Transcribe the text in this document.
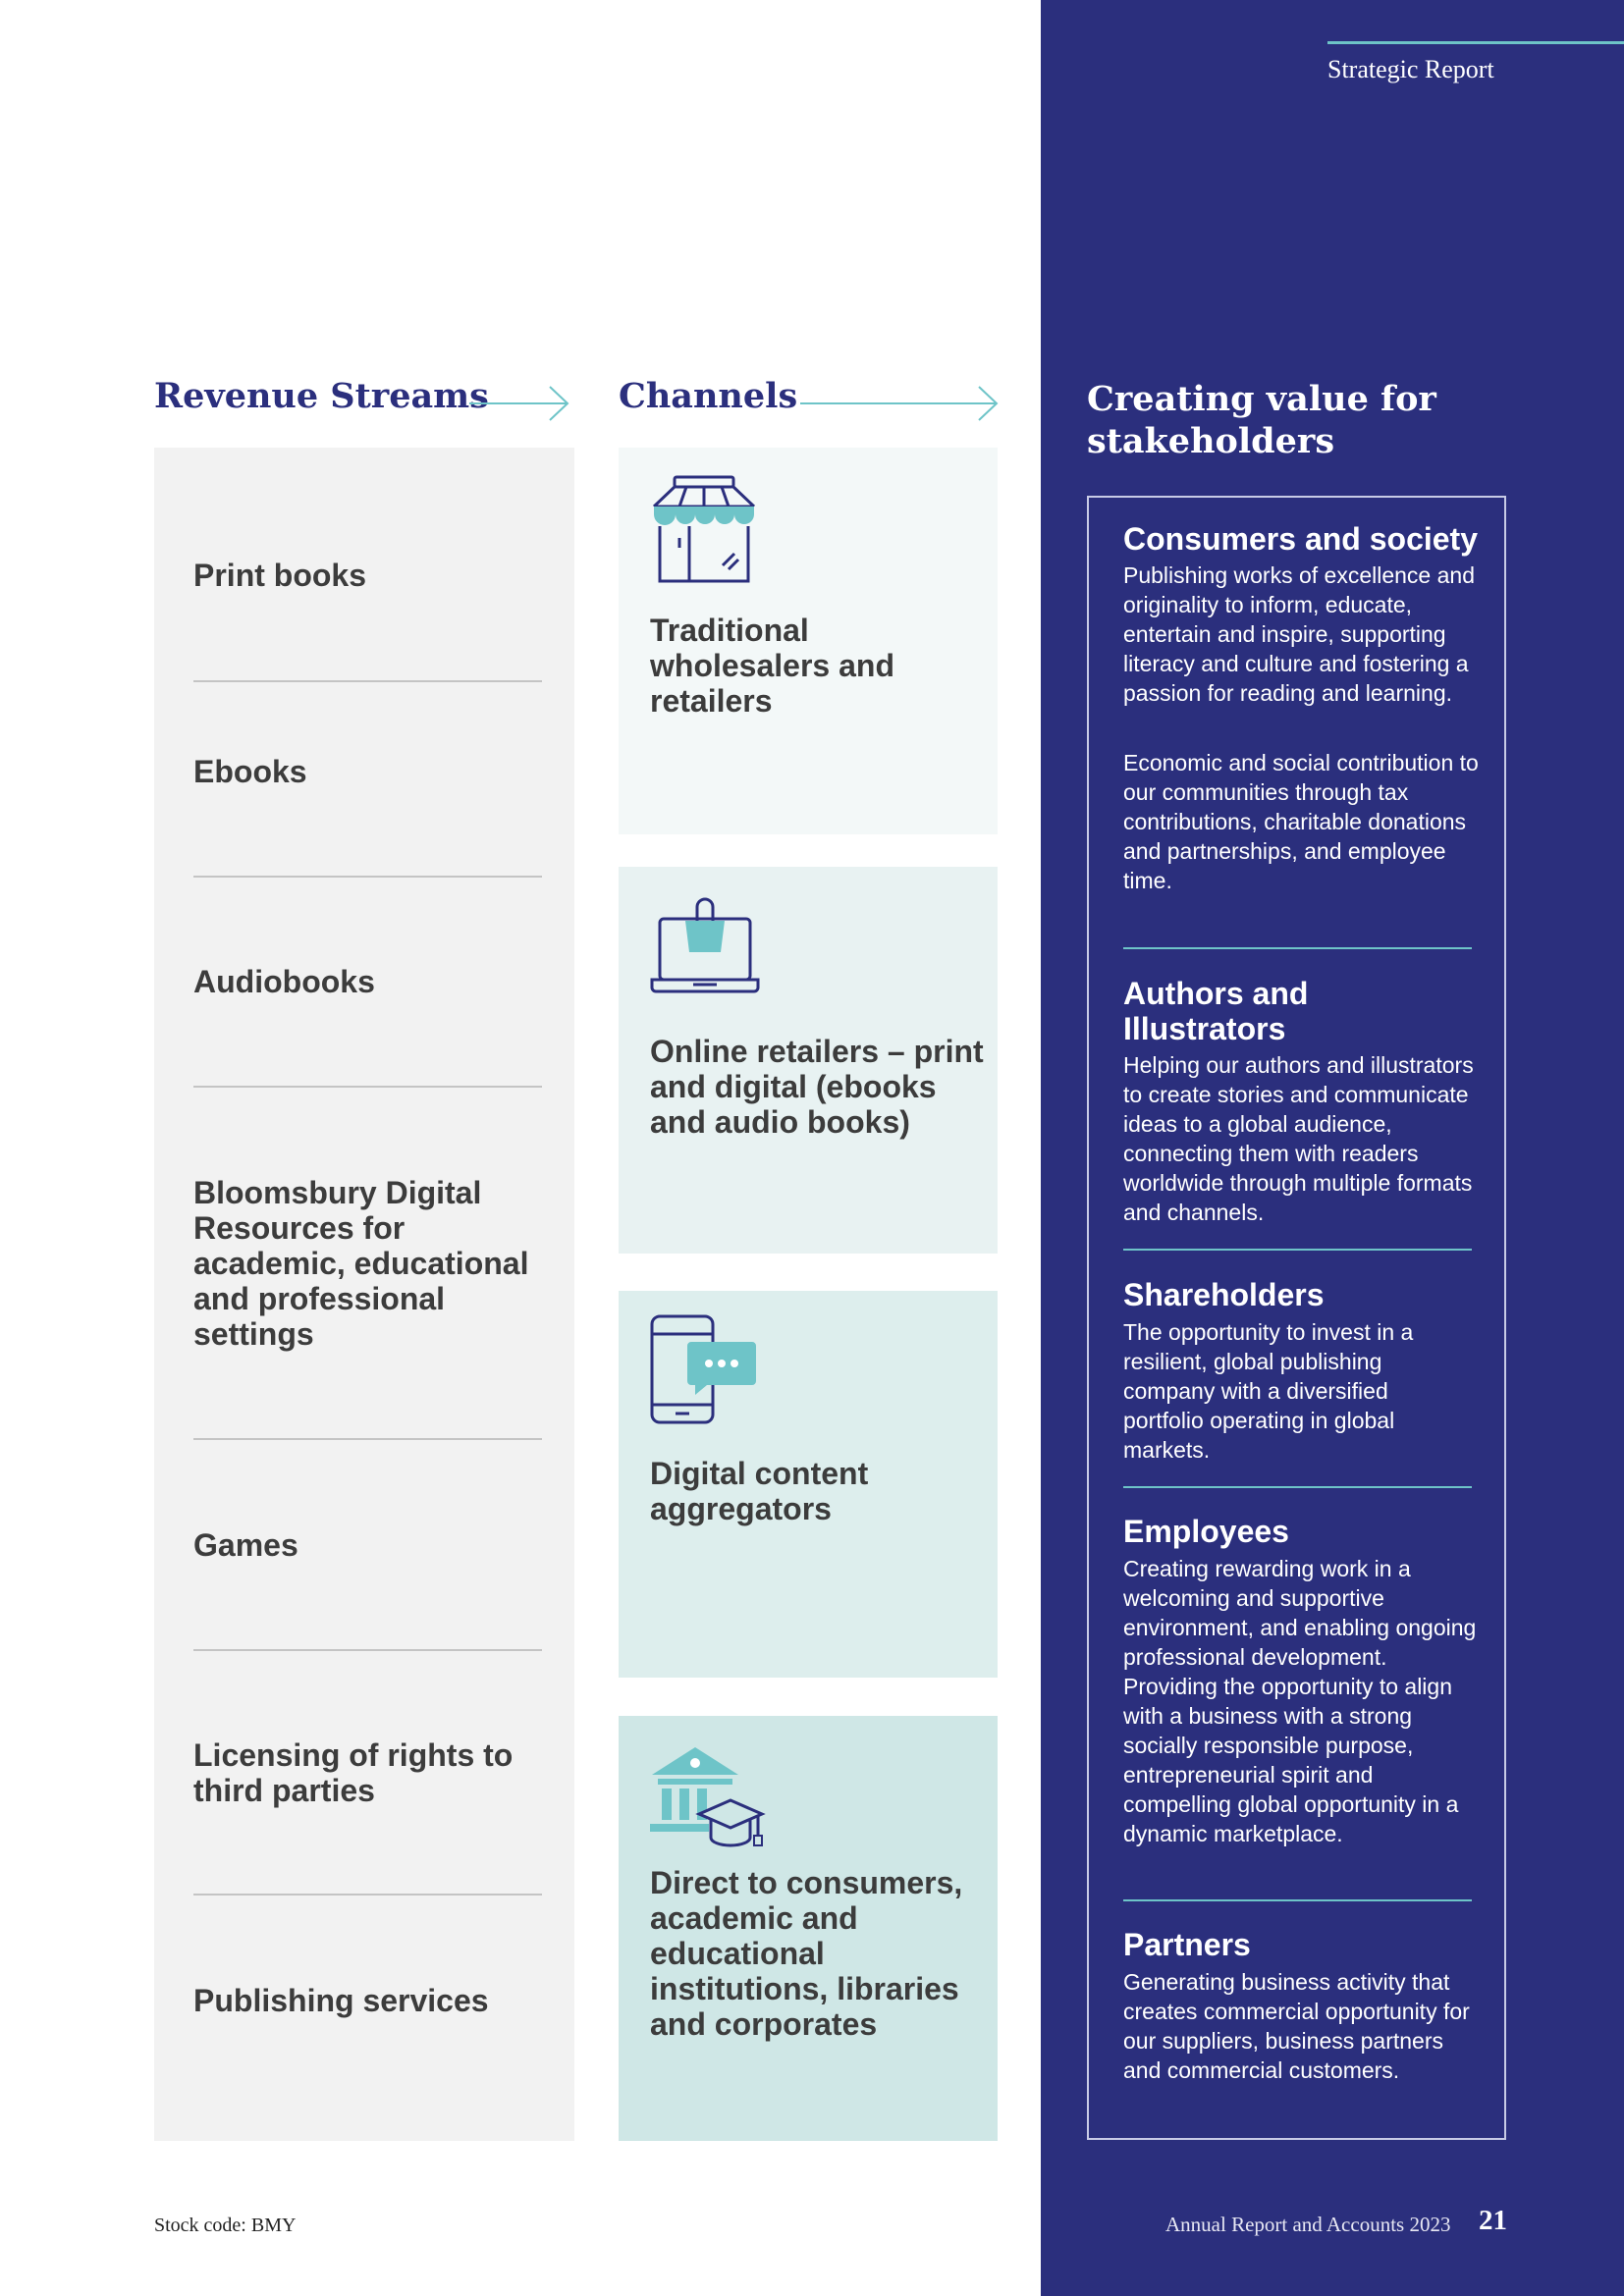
Strategic Report
Revenue Streams	Channels	Creating value for stakeholders
Print books
Ebooks
Audiobooks
Bloomsbury Digital Resources for academic, educational and professional settings
Games
Licensing of rights to third parties
Publishing services
Traditional wholesalers and retailers
Online retailers – print and digital (ebooks and audio books)
Digital content aggregators
Direct to consumers, academic and educational institutions, libraries and corporates
Consumers and society
Publishing works of excellence and originality to inform, educate, entertain and inspire, supporting literacy and culture and fostering a passion for reading and learning.
Economic and social contribution to our communities through tax contributions, charitable donations and partnerships, and employee time.
Authors and Illustrators
Helping our authors and illustrators to create stories and communicate ideas to a global audience, connecting them with readers worldwide through multiple formats and channels.
Shareholders
The opportunity to invest in a resilient, global publishing company with a diversified portfolio operating in global markets.
Employees
Creating rewarding work in a welcoming and supportive environment, and enabling ongoing professional development. Providing the opportunity to align with a business with a strong socially responsible purpose, entrepreneurial spirit and compelling global opportunity in a dynamic marketplace.
Partners
Generating business activity that creates commercial opportunity for our suppliers, business partners and commercial customers.
Stock code: BMY	Annual Report and Accounts 2023 21
